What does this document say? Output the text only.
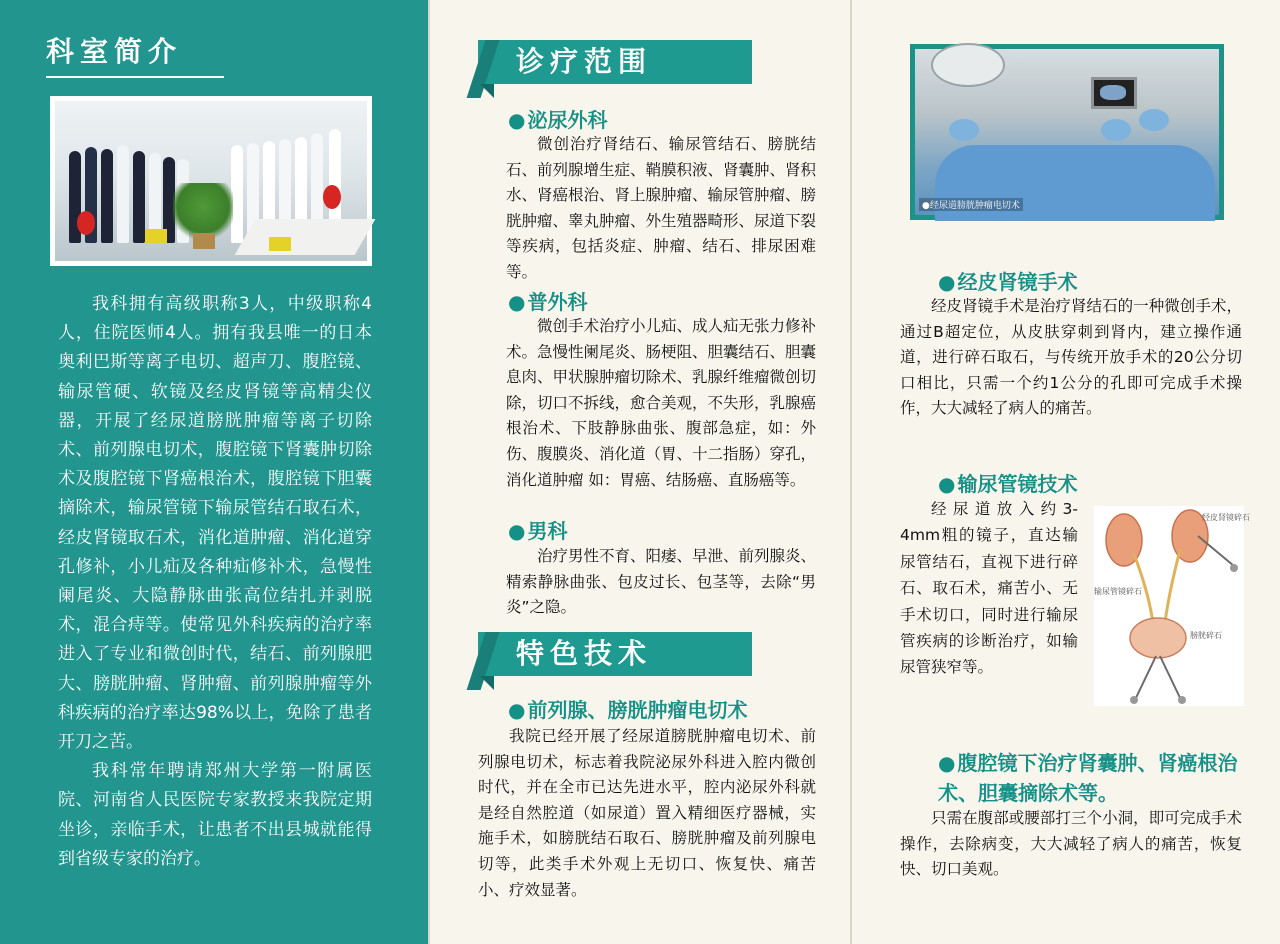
科室简介

我科拥有高级职称3人，中级职称4人，住院医师4人。拥有我县唯一的日本奥利巴斯等离子电切、超声刀、腹腔镜、输尿管硬、软镜及经皮肾镜等高精尖仪器，开展了经尿道膀胱肿瘤等离子切除术、前列腺电切术，腹腔镜下肾囊肿切除术及腹腔镜下肾癌根治术，腹腔镜下胆囊摘除术，输尿管镜下输尿管结石取石术，经皮肾镜取石术，消化道肿瘤、消化道穿孔修补，小儿疝及各种疝修补术，急慢性阑尾炎、大隐静脉曲张高位结扎并剥脱术，混合痔等。使常见外科疾病的治疗率进入了专业和微创时代，结石、前列腺肥大、膀胱肿瘤、肾肿瘤、前列腺肿瘤等外科疾病的治疗率达98%以上，免除了患者开刀之苦。

我科常年聘请郑州大学第一附属医院、河南省人民医院专家教授来我院定期坐诊，亲临手术，让患者不出县城就能得到省级专家的治疗。

诊疗范围
● 泌尿外科

微创治疗肾结石、输尿管结石、膀胱结石、前列腺增生症、鞘膜积液、肾囊肿、肾积水、肾癌根治、肾上腺肿瘤、输尿管肿瘤、膀胱肿瘤、睾丸肿瘤、外生殖器畸形、尿道下裂等疾病，包括炎症、肿瘤、结石、排尿困难等。

● 普外科

微创手术治疗小儿疝、成人疝无张力修补术。急慢性阑尾炎、肠梗阻、胆囊结石、胆囊息肉、甲状腺肿瘤切除术、乳腺纤维瘤微创切除，切口不拆线，愈合美观，不失形，乳腺癌根治术、下肢静脉曲张、腹部急症，如：外伤、腹膜炎、消化道（胃、十二指肠）穿孔，消化道肿瘤 如：胃癌、结肠癌、直肠癌等。

● 男科

治疗男性不育、阳痿、早泄、前列腺炎、精索静脉曲张、包皮过长、包茎等，去除“男炎”之隐。

特色技术
● 前列腺、膀胱肿瘤电切术

我院已经开展了经尿道膀胱肿瘤电切术、前列腺电切术，标志着我院泌尿外科进入腔内微创时代，并在全市已达先进水平，腔内泌尿外科就是经自然腔道（如尿道）置入精细医疗器械，实施手术，如膀胱结石取石、膀胱肿瘤及前列腺电切等，此类手术外观上无切口、恢复快、痛苦小、疗效显著。

●经尿道膀胱肿瘤电切术
● 经皮肾镜手术

经皮肾镜手术是治疗肾结石的一种微创手术，通过B超定位，从皮肤穿刺到肾内，建立操作通道，进行碎石取石，与传统开放手术的20公分切口相比，只需一个约1公分的孔即可完成手术操作，大大减轻了病人的痛苦。

● 输尿管镜技术

经尿道放入约3-4mm粗的镜子，直达输尿管结石，直视下进行碎石、取石术，痛苦小、无手术切口，同时进行输尿管疾病的诊断治疗，如输尿管狭窄等。

经皮肾镜碎石
输尿管镜碎石
膀胱碎石
● 腹腔镜下治疗肾囊肿、肾癌根治术、胆囊摘除术等。

只需在腹部或腰部打三个小洞，即可完成手术操作，去除病变，大大减轻了病人的痛苦，恢复快、切口美观。
